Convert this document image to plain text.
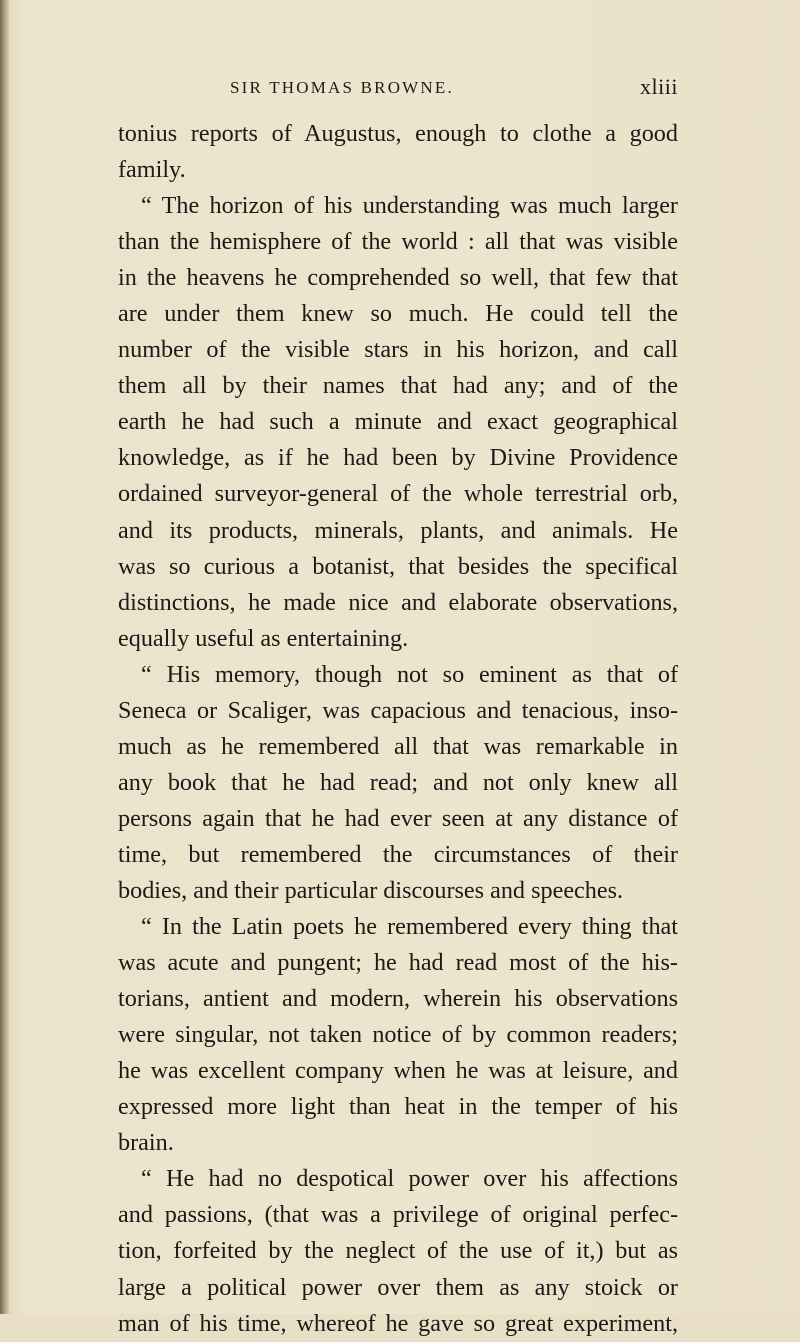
SIR THOMAS BROWNE.	xliii
tonius reports of Augustus, enough to clothe a good
family.
“ The horizon of his understanding was much larger
than the hemisphere of the world : all that was visible
in the heavens he comprehended so well, that few that
are under them knew so much. He could tell the
number of the visible stars in his horizon, and call
them all by their names that had any; and of the
earth he had such a minute and exact geographical
knowledge, as if he had been by Divine Providence
ordained surveyor-general of the whole terrestrial orb,
and its products, minerals, plants, and animals. He
was so curious a botanist, that besides the specifical
distinctions, he made nice and elaborate observations,
equally useful as entertaining.
“ His memory, though not so eminent as that of
Seneca or Scaliger, was capacious and tenacious, inso-
much as he remembered all that was remarkable in
any book that he had read; and not only knew all
persons again that he had ever seen at any distance of
time, but remembered the circumstances of their
bodies, and their particular discourses and speeches.
“ In the Latin poets he remembered every thing that
was acute and pungent; he had read most of the his-
torians, antient and modern, wherein his observations
were singular, not taken notice of by common readers;
he was excellent company when he was at leisure, and
expressed more light than heat in the temper of his
brain.
“ He had no despotical power over his affections
and passions, (that was a privilege of original perfec-
tion, forfeited by the neglect of the use of it,) but as
large a political power over them as any stoick or
man of his time, whereof he gave so great experiment,
